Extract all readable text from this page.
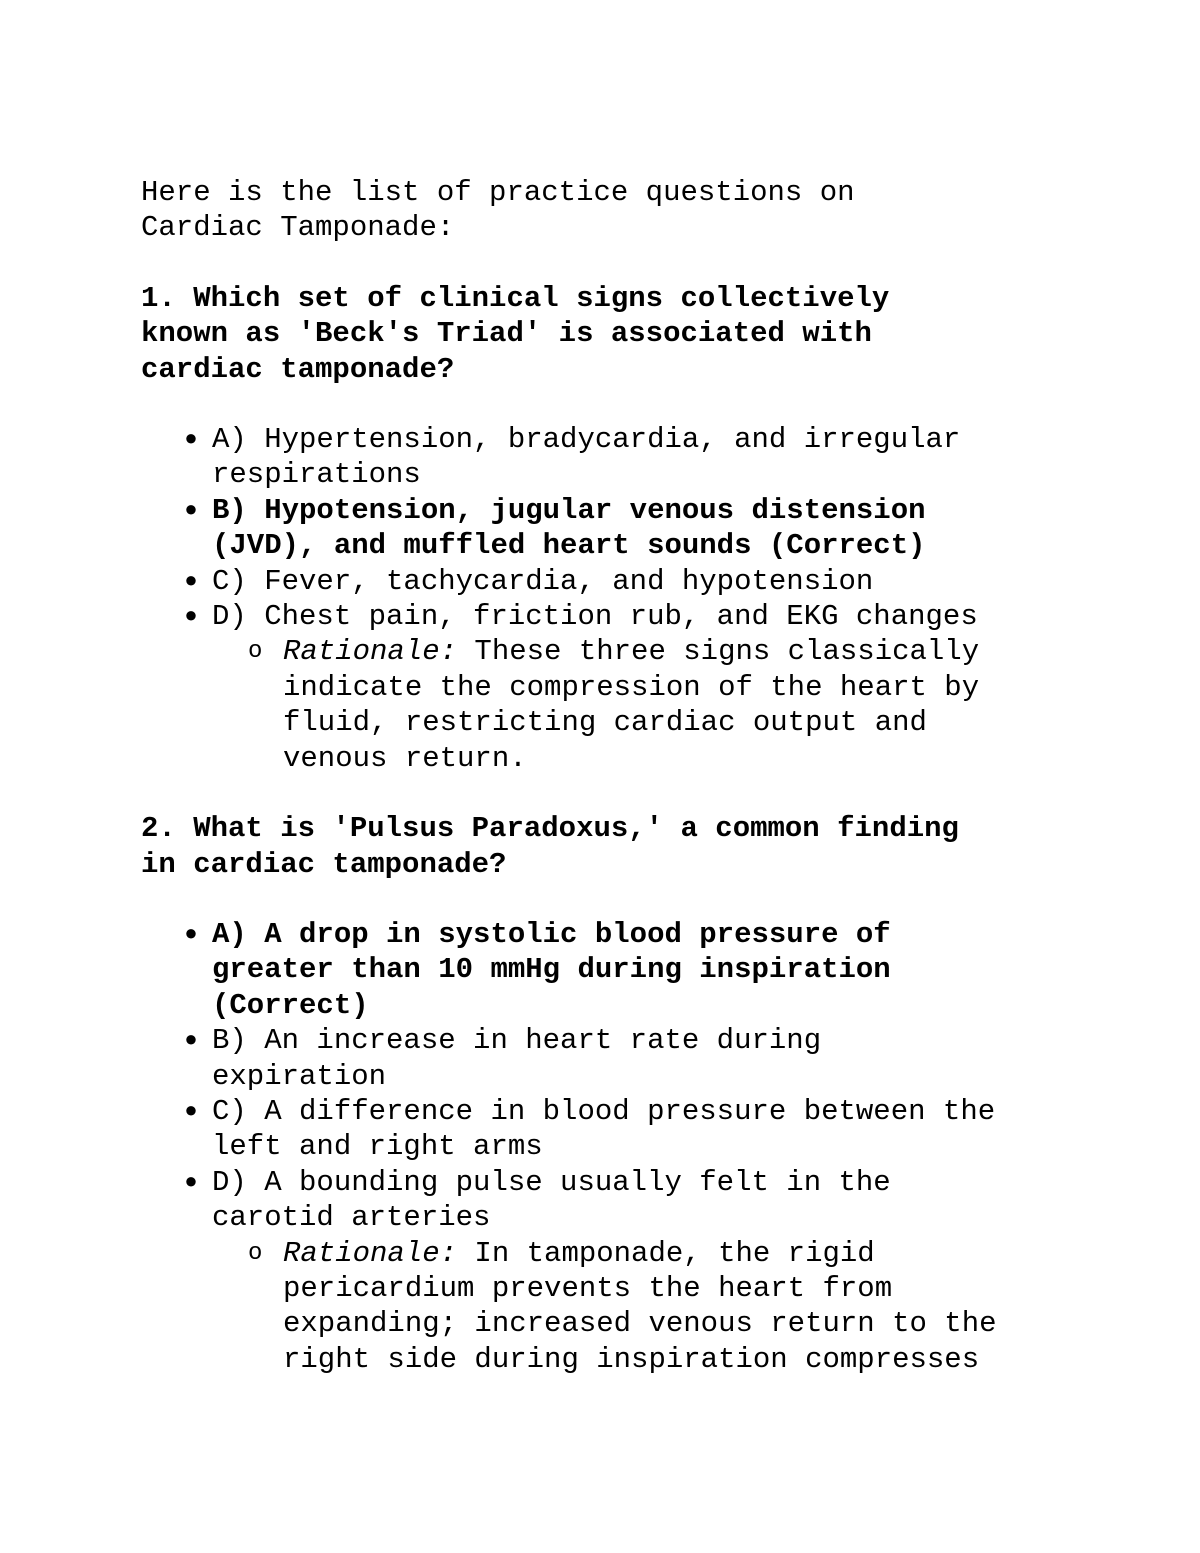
Here is the list of practice questions on
Cardiac Tamponade:
1. Which set of clinical signs collectively
known as 'Beck's Triad' is associated with
cardiac tamponade?
● A) Hypertension, bradycardia, and irregular
respirations
● B) Hypotension, jugular venous distension
(JVD), and muffled heart sounds (Correct)
● C) Fever, tachycardia, and hypotension
● D) Chest pain, friction rub, and EKG changes
o Rationale: These three signs classically
indicate the compression of the heart by
fluid, restricting cardiac output and
venous return.
2. What is 'Pulsus Paradoxus,' a common finding
in cardiac tamponade?
● A) A drop in systolic blood pressure of
greater than 10 mmHg during inspiration
(Correct)
● B) An increase in heart rate during
expiration
● C) A difference in blood pressure between the
left and right arms
● D) A bounding pulse usually felt in the
carotid arteries
o Rationale: In tamponade, the rigid
pericardium prevents the heart from
expanding; increased venous return to the
right side during inspiration compresses
